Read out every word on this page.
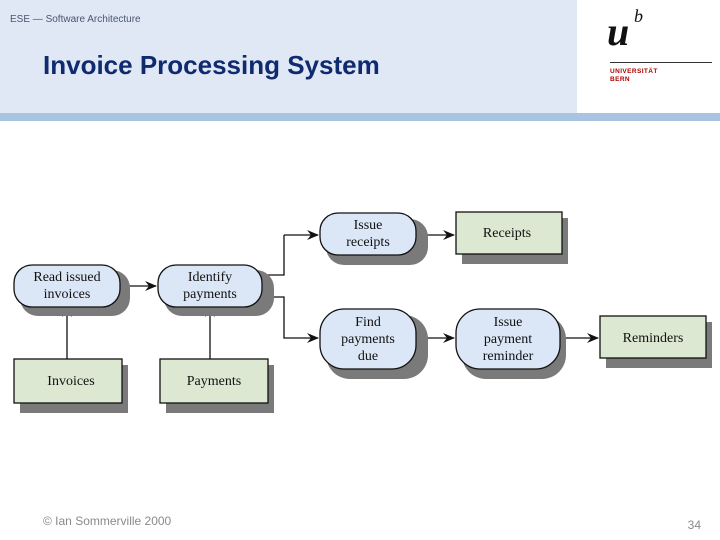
ESE — Software Architecture
Invoice Processing System
u b
UNIVERSITÄT
BERN
Read issued
invoices
Identify
payments
Issue
receipts
Find
payments
due
Issue
payment
reminder
Receipts
Reminders
Invoices	Payments
© Ian Sommerville 2000	34
